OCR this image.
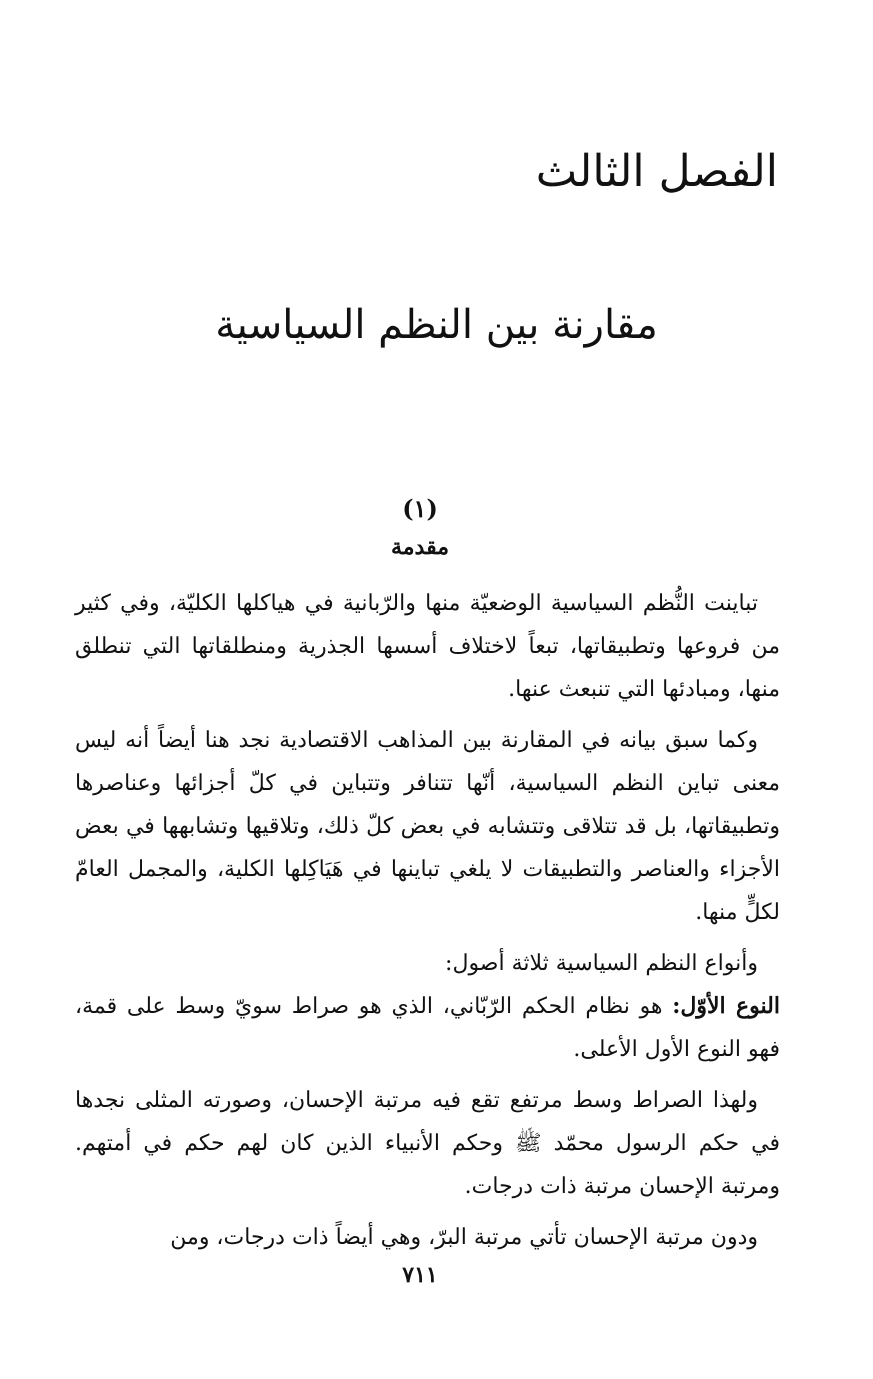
الفصل الثالث
مقارنة بين النظم السياسية
(١)
مقدمة

تباينت النُّظم السياسية الوضعيّة منها والرّبانية في هياكلها الكليّة، وفي كثير من فروعها وتطبيقاتها، تبعاً لاختلاف أسسها الجذرية ومنطلقاتها التي تنطلق منها، ومبادئها التي تنبعث عنها.

وكما سبق بيانه في المقارنة بين المذاهب الاقتصادية نجد هنا أيضاً أنه ليس معنى تباين النظم السياسية، أنّها تتنافر وتتباين في كلّ أجزائها وعناصرها وتطبيقاتها، بل قد تتلاقى وتتشابه في بعض كلّ ذلك، وتلاقيها وتشابهها في بعض الأجزاء والعناصر والتطبيقات لا يلغي تباينها في هَيَاكِلها الكلية، والمجمل العامّ لكلٍّ منها.

وأنواع النظم السياسية ثلاثة أصول:

النوع الأوّل: هو نظام الحكم الرّبّاني، الذي هو صراط سويّ وسط على قمة، فهو النوع الأول الأعلى.

ولهذا الصراط وسط مرتفع تقع فيه مرتبة الإحسان، وصورته المثلى نجدها في حكم الرسول محمّد ﷺ وحكم الأنبياء الذين كان لهم حكم في أمتهم. ومرتبة الإحسان مرتبة ذات درجات.

ودون مرتبة الإحسان تأتي مرتبة البرّ، وهي أيضاً ذات درجات، ومن

٧١١
